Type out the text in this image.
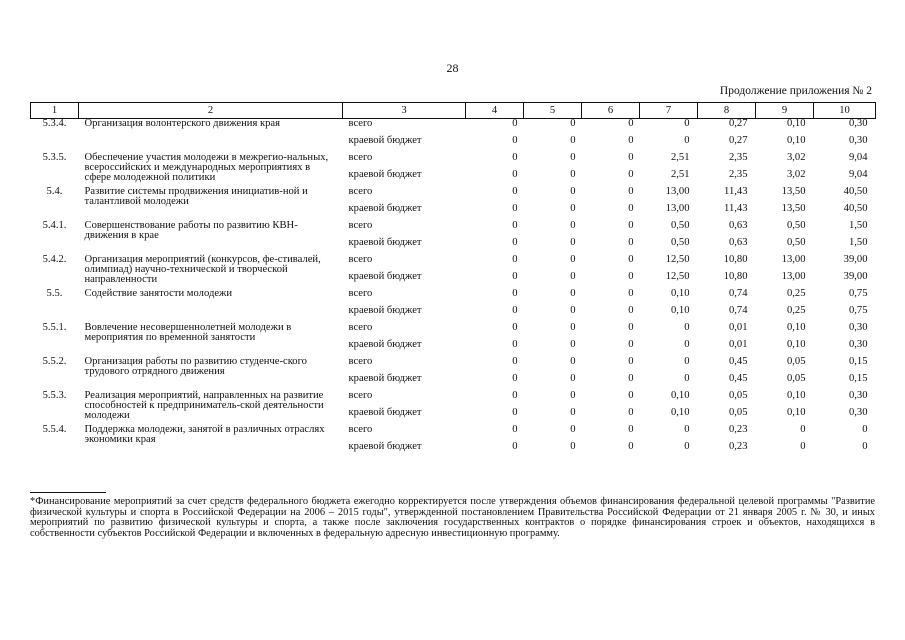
28
Продолжение приложения № 2
1	2	3	4	5	6	7	8	9	10
5.3.4.	Организация волонтерского движения края	всего	0	0	0	0	0,27	0,10	0,30
		краевой бюджет	0	0	0	0	0,27	0,10	0,30
5.3.5.	Обеспечение участия молодежи в межрегио-нальных, всероссийских и международных мероприятиях в сфере молодежной политики	всего	0	0	0	2,51	2,35	3,02	9,04
		краевой бюджет	0	0	0	2,51	2,35	3,02	9,04
5.4.	Развитие системы продвижения инициатив-ной и талантливой молодежи	всего	0	0	0	13,00	11,43	13,50	40,50
		краевой бюджет	0	0	0	13,00	11,43	13,50	40,50
5.4.1.	Совершенствование работы по развитию КВН-движения в крае	всего	0	0	0	0,50	0,63	0,50	1,50
		краевой бюджет	0	0	0	0,50	0,63	0,50	1,50
5.4.2.	Организация мероприятий (конкурсов, фе-стивалей, олимпиад) научно-технической и творческой направленности	всего	0	0	0	12,50	10,80	13,00	39,00
		краевой бюджет	0	0	0	12,50	10,80	13,00	39,00
5.5.	Содействие занятости молодежи	всего	0	0	0	0,10	0,74	0,25	0,75
		краевой бюджет	0	0	0	0,10	0,74	0,25	0,75
5.5.1.	Вовлечение несовершеннолетней молодежи в мероприятия по временной занятости	всего	0	0	0	0	0,01	0,10	0,30
		краевой бюджет	0	0	0	0	0,01	0,10	0,30
5.5.2.	Организация работы по развитию студенче-ского трудового отрядного движения	всего	0	0	0	0	0,45	0,05	0,15
		краевой бюджет	0	0	0	0	0,45	0,05	0,15
5.5.3.	Реализация мероприятий, направленных на развитие способностей к предприниматель-ской деятельности молодежи	всего	0	0	0	0,10	0,05	0,10	0,30
		краевой бюджет	0	0	0	0,10	0,05	0,10	0,30
5.5.4.	Поддержка молодежи, занятой в различных отраслях экономики края	всего	0	0	0	0	0,23	0	0
		краевой бюджет	0	0	0	0	0,23	0	0
*Финансирование мероприятий за счет средств федерального бюджета ежегодно корректируется после утверждения объемов финансирования федеральной целевой программы "Развитие физической культуры и спорта в Российской Федерации на 2006 – 2015 годы", утвержденной постановлением Правительства Российской Федерации от 21 января 2005 г. № 30, и иных мероприятий по развитию физической культуры и спорта, а также после заключения государственных контрактов о порядке финансирования строек и объектов, находящихся в собственности субъектов Российской Федерации и включенных в федеральную адресную инвестиционную программу.
